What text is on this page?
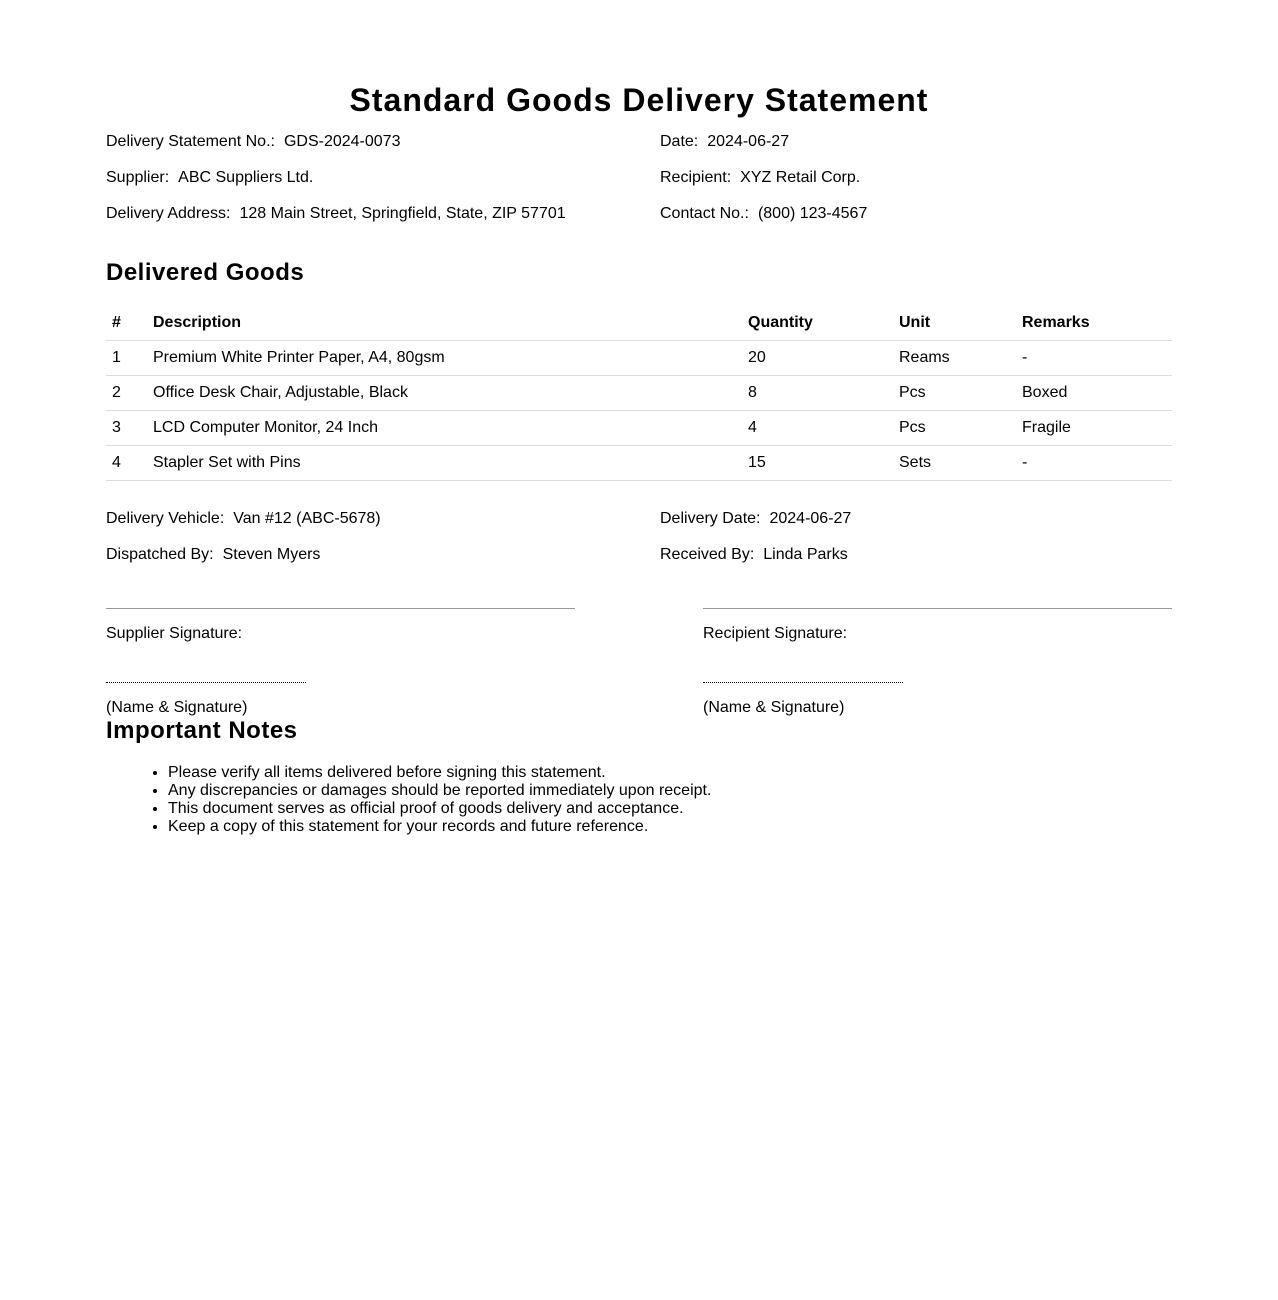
Standard Goods Delivery Statement
Delivery Statement No.: GDS-2024-0073	Date: 2024-06-27
Supplier: ABC Suppliers Ltd.	Recipient: XYZ Retail Corp.
Delivery Address: 128 Main Street, Springfield, State, ZIP 57701	Contact No.: (800) 123-4567
Delivered Goods
#	Description	Quantity	Unit	Remarks
1	Premium White Printer Paper, A4, 80gsm	20	Reams	-
2	Office Desk Chair, Adjustable, Black	8	Pcs	Boxed
3	LCD Computer Monitor, 24 Inch	4	Pcs	Fragile
4	Stapler Set with Pins	15	Sets	-
Delivery Vehicle: Van #12 (ABC-5678)	Delivery Date: 2024-06-27
Dispatched By: Steven Myers	Received By: Linda Parks
Supplier Signature:
(Name & Signature)
Recipient Signature:
(Name & Signature)
Important Notes
• Please verify all items delivered before signing this statement.
• Any discrepancies or damages should be reported immediately upon receipt.
• This document serves as official proof of goods delivery and acceptance.
• Keep a copy of this statement for your records and future reference.
